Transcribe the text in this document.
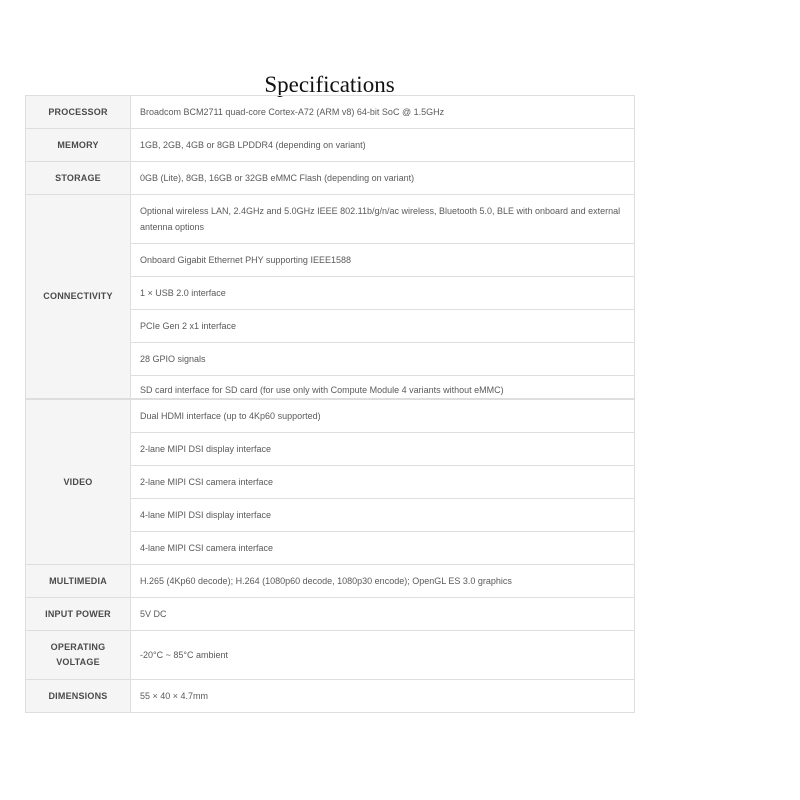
Specifications
PROCESSOR	Broadcom BCM2711 quad-core Cortex-A72 (ARM v8) 64-bit SoC @ 1.5GHz
MEMORY	1GB, 2GB, 4GB or 8GB LPDDR4 (depending on variant)
STORAGE	0GB (Lite), 8GB, 16GB or 32GB eMMC Flash (depending on variant)
CONNECTIVITY	Optional wireless LAN, 2.4GHz and 5.0GHz IEEE 802.11b/g/n/ac wireless, Bluetooth 5.0, BLE with onboard and external antenna options
	Onboard Gigabit Ethernet PHY supporting IEEE1588
	1 × USB 2.0 interface
	PCIe Gen 2 x1 interface
	28 GPIO signals
	SD card interface for SD card (for use only with Compute Module 4 variants without eMMC)
VIDEO	Dual HDMI interface (up to 4Kp60 supported)
	2-lane MIPI DSI display interface
	2-lane MIPI CSI camera interface
	4-lane MIPI DSI display interface
	4-lane MIPI CSI camera interface
MULTIMEDIA	H.265 (4Kp60 decode); H.264 (1080p60 decode, 1080p30 encode); OpenGL ES 3.0 graphics
INPUT POWER	5V DC
OPERATING
VOLTAGE	-20°C ~ 85°C ambient
DIMENSIONS	55 × 40 × 4.7mm
